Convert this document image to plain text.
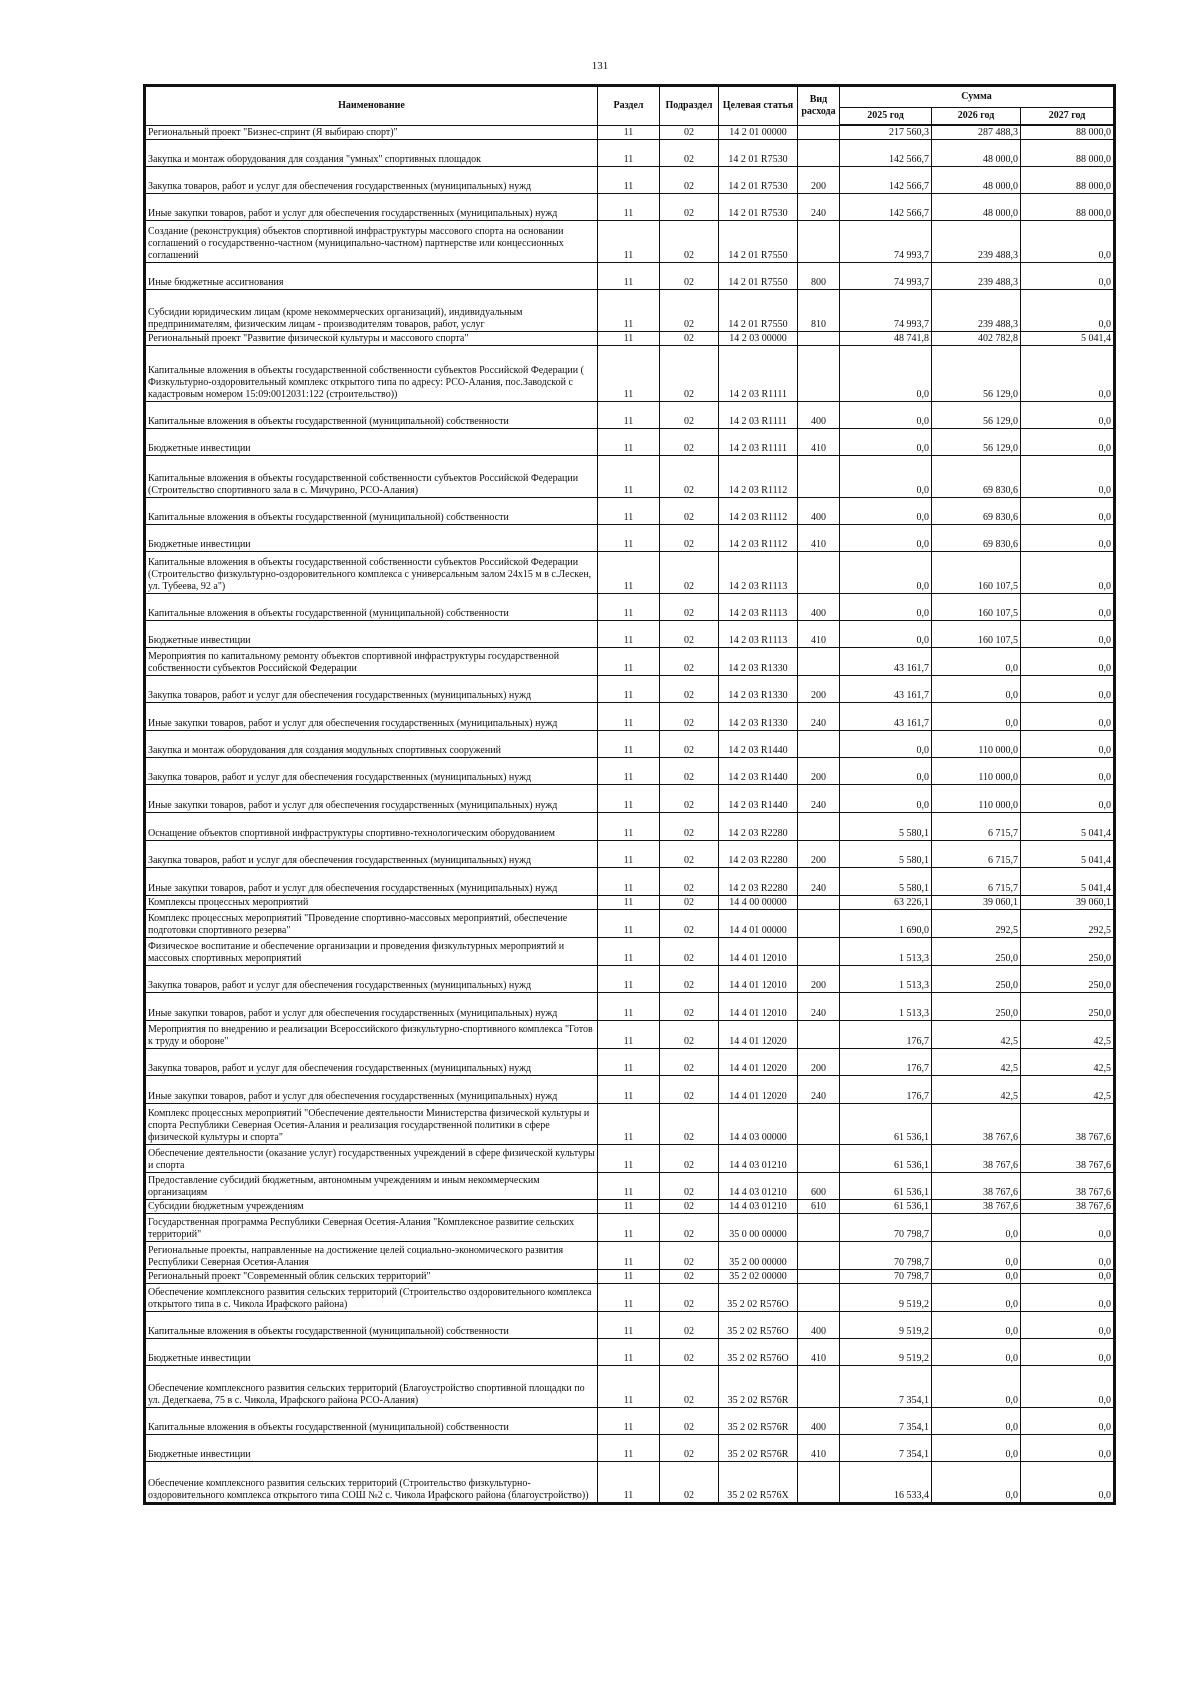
131
Наименование	Раздел	Подраздел	Целевая статья	Вид расхода	Сумма		
					2025 год	2026 год	2027 год
Региональный проект "Бизнес-спринт (Я выбираю спорт)"	11	02	14 2 01 00000		217 560,3	287 488,3	88 000,0
Закупка и монтаж оборудования для создания "умных" спортивных площадок	11	02	14 2 01 R7530		142 566,7	48 000,0	88 000,0
Закупка товаров, работ и услуг для обеспечения государственных (муниципальных) нужд	11	02	14 2 01 R7530	200	142 566,7	48 000,0	88 000,0
Иные закупки товаров, работ и услуг для обеспечения государственных (муниципальных) нужд	11	02	14 2 01 R7530	240	142 566,7	48 000,0	88 000,0
Создание (реконструкция) объектов спортивной инфраструктуры массового спорта на основании соглашений о государственно-частном (муниципально-частном) партнерстве или концессионных соглашений	11	02	14 2 01 R7550		74 993,7	239 488,3	0,0
Иные бюджетные ассигнования	11	02	14 2 01 R7550	800	74 993,7	239 488,3	0,0
Субсидии юридическим лицам (кроме некоммерческих организаций), индивидуальным предпринимателям, физическим лицам - производителям товаров, работ, услуг	11	02	14 2 01 R7550	810	74 993,7	239 488,3	0,0
Региональный проект "Развитие физической культуры и массового спорта"	11	02	14 2 03 00000		48 741,8	402 782,8	5 041,4
Капитальные вложения в объекты государственной собственности субъектов Российской Федерации ( Физкультурно-оздоровительный комплекс открытого типа по адресу: РСО-Алания, пос.Заводской с кадастровым номером 15:09:0012031:122 (строительство))	11	02	14 2 03 R1111		0,0	56 129,0	0,0
Капитальные вложения в объекты государственной (муниципальной) собственности	11	02	14 2 03 R1111	400	0,0	56 129,0	0,0
Бюджетные инвестиции	11	02	14 2 03 R1111	410	0,0	56 129,0	0,0
Капитальные вложения в объекты государственной собственности субъектов Российской Федерации (Строительство спортивного зала в с. Мичурино, РСО-Алания)	11	02	14 2 03 R1112		0,0	69 830,6	0,0
Капитальные вложения в объекты государственной (муниципальной) собственности	11	02	14 2 03 R1112	400	0,0	69 830,6	0,0
Бюджетные инвестиции	11	02	14 2 03 R1112	410	0,0	69 830,6	0,0
Капитальные вложения в объекты государственной собственности субъектов Российской Федерации (Строительство физкультурно-оздоровительного комплекса с универсальным залом 24х15 м в с.Лескен, ул. Тубеева, 92 а")	11	02	14 2 03 R1113		0,0	160 107,5	0,0
Капитальные вложения в объекты государственной (муниципальной) собственности	11	02	14 2 03 R1113	400	0,0	160 107,5	0,0
Бюджетные инвестиции	11	02	14 2 03 R1113	410	0,0	160 107,5	0,0
Мероприятия по капитальному ремонту объектов спортивной инфраструктуры государственной собственности субъектов Российской Федерации	11	02	14 2 03 R1330		43 161,7	0,0	0,0
Закупка товаров, работ и услуг для обеспечения государственных (муниципальных) нужд	11	02	14 2 03 R1330	200	43 161,7	0,0	0,0
Иные закупки товаров, работ и услуг для обеспечения государственных (муниципальных) нужд	11	02	14 2 03 R1330	240	43 161,7	0,0	0,0
Закупка и монтаж оборудования для создания модульных спортивных сооружений	11	02	14 2 03 R1440		0,0	110 000,0	0,0
Закупка товаров, работ и услуг для обеспечения государственных (муниципальных) нужд	11	02	14 2 03 R1440	200	0,0	110 000,0	0,0
Иные закупки товаров, работ и услуг для обеспечения государственных (муниципальных) нужд	11	02	14 2 03 R1440	240	0,0	110 000,0	0,0
Оснащение объектов спортивной инфраструктуры спортивно-технологическим оборудованием	11	02	14 2 03 R2280		5 580,1	6 715,7	5 041,4
Закупка товаров, работ и услуг для обеспечения государственных (муниципальных) нужд	11	02	14 2 03 R2280	200	5 580,1	6 715,7	5 041,4
Иные закупки товаров, работ и услуг для обеспечения государственных (муниципальных) нужд	11	02	14 2 03 R2280	240	5 580,1	6 715,7	5 041,4
Комплексы процессных мероприятий	11	02	14 4 00 00000		63 226,1	39 060,1	39 060,1
Комплекс процессных мероприятий "Проведение спортивно-массовых мероприятий, обеспечение подготовки спортивного резерва"	11	02	14 4 01 00000		1 690,0	292,5	292,5
Физическое воспитание и обеспечение организации и проведения физкультурных мероприятий и массовых спортивных мероприятий	11	02	14 4 01 12010		1 513,3	250,0	250,0
Закупка товаров, работ и услуг для обеспечения государственных (муниципальных) нужд	11	02	14 4 01 12010	200	1 513,3	250,0	250,0
Иные закупки товаров, работ и услуг для обеспечения государственных (муниципальных) нужд	11	02	14 4 01 12010	240	1 513,3	250,0	250,0
Мероприятия по внедрению и реализации Всероссийского физкультурно-спортивного комплекса "Готов к труду и обороне"	11	02	14 4 01 12020		176,7	42,5	42,5
Закупка товаров, работ и услуг для обеспечения государственных (муниципальных) нужд	11	02	14 4 01 12020	200	176,7	42,5	42,5
Иные закупки товаров, работ и услуг для обеспечения государственных (муниципальных) нужд	11	02	14 4 01 12020	240	176,7	42,5	42,5
Комплекс процессных мероприятий "Обеспечение деятельности Министерства физической культуры и спорта Республики Северная Осетия-Алания и реализация государственной политики в сфере физической культуры и спорта"	11	02	14 4 03 00000		61 536,1	38 767,6	38 767,6
Обеспечение деятельности (оказание услуг) государственных учреждений в сфере физической культуры и спорта	11	02	14 4 03 01210		61 536,1	38 767,6	38 767,6
Предоставление субсидий бюджетным, автономным учреждениям и иным некоммерческим организациям	11	02	14 4 03 01210	600	61 536,1	38 767,6	38 767,6
Субсидии бюджетным учреждениям	11	02	14 4 03 01210	610	61 536,1	38 767,6	38 767,6
Государственная программа Республики Северная Осетия-Алания "Комплексное развитие сельских территорий"	11	02	35 0 00 00000		70 798,7	0,0	0,0
Региональные проекты, направленные на достижение целей социально-экономического развития Республики Северная Осетия-Алания	11	02	35 2 00 00000		70 798,7	0,0	0,0
Региональный проект "Современный облик сельских территорий"	11	02	35 2 02 00000		70 798,7	0,0	0,0
Обеспечение комплексного развития сельских территорий (Строительство оздоровительного комплекса открытого типа в с. Чикола Ирафского района)	11	02	35 2 02 R576O		9 519,2	0,0	0,0
Капитальные вложения в объекты государственной (муниципальной) собственности	11	02	35 2 02 R576O	400	9 519,2	0,0	0,0
Бюджетные инвестиции	11	02	35 2 02 R576O	410	9 519,2	0,0	0,0
Обеспечение комплексного развития сельских территорий (Благоустройство спортивной площадки по ул. Дедегкаева, 75 в с. Чикола, Ирафского района РСО-Алания)	11	02	35 2 02 R576R		7 354,1	0,0	0,0
Капитальные вложения в объекты государственной (муниципальной) собственности	11	02	35 2 02 R576R	400	7 354,1	0,0	0,0
Бюджетные инвестиции	11	02	35 2 02 R576R	410	7 354,1	0,0	0,0
Обеспечение комплексного развития сельских территорий (Строительство физкультурно-оздоровительного комплекса открытого типа СОШ №2 с. Чикола Ирафского района (благоустройство))	11	02	35 2 02 R576X		16 533,4	0,0	0,0
